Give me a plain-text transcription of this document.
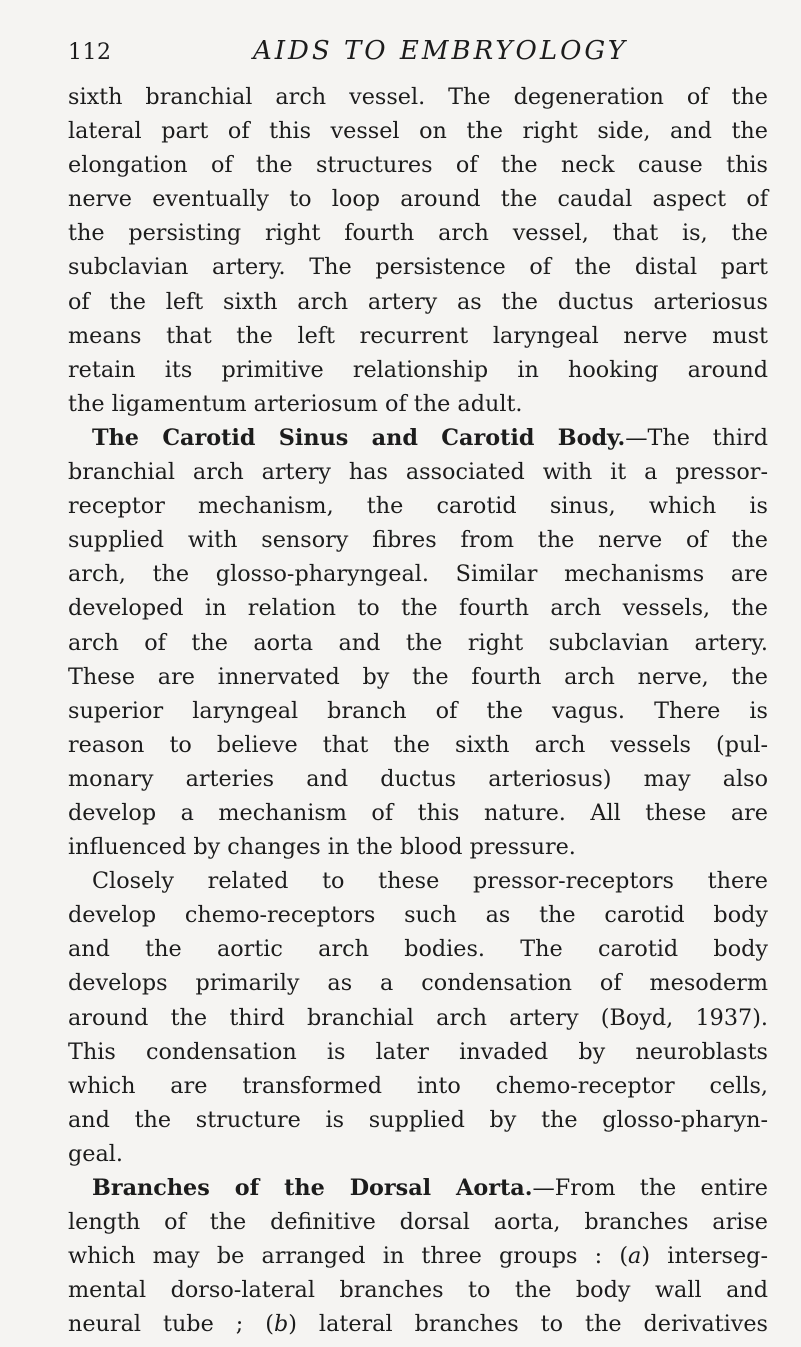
112	AIDS TO EMBRYOLOGY
sixth branchial arch vessel. The degeneration of the
lateral part of this vessel on the right side, and the
elongation of the structures of the neck cause this
nerve eventually to loop around the caudal aspect of
the persisting right fourth arch vessel, that is, the
subclavian artery. The persistence of the distal part
of the left sixth arch artery as the ductus arteriosus
means that the left recurrent laryngeal nerve must
retain its primitive relationship in hooking around
the ligamentum arteriosum of the adult.
The Carotid Sinus and Carotid Body.—The third
branchial arch artery has associated with it a pressor-
receptor mechanism, the carotid sinus, which is
supplied with sensory fibres from the nerve of the
arch, the glosso-pharyngeal. Similar mechanisms are
developed in relation to the fourth arch vessels, the
arch of the aorta and the right subclavian artery.
These are innervated by the fourth arch nerve, the
superior laryngeal branch of the vagus. There is
reason to believe that the sixth arch vessels (pul-
monary arteries and ductus arteriosus) may also
develop a mechanism of this nature. All these are
influenced by changes in the blood pressure.
Closely related to these pressor-receptors there
develop chemo-receptors such as the carotid body
and the aortic arch bodies. The carotid body
develops primarily as a condensation of mesoderm
around the third branchial arch artery (Boyd, 1937).
This condensation is later invaded by neuroblasts
which are transformed into chemo-receptor cells,
and the structure is supplied by the glosso-pharyn-
geal.
Branches of the Dorsal Aorta.—From the entire
length of the definitive dorsal aorta, branches arise
which may be arranged in three groups : (a) interseg-
mental dorso-lateral branches to the body wall and
neural tube ; (b) lateral branches to the derivatives
